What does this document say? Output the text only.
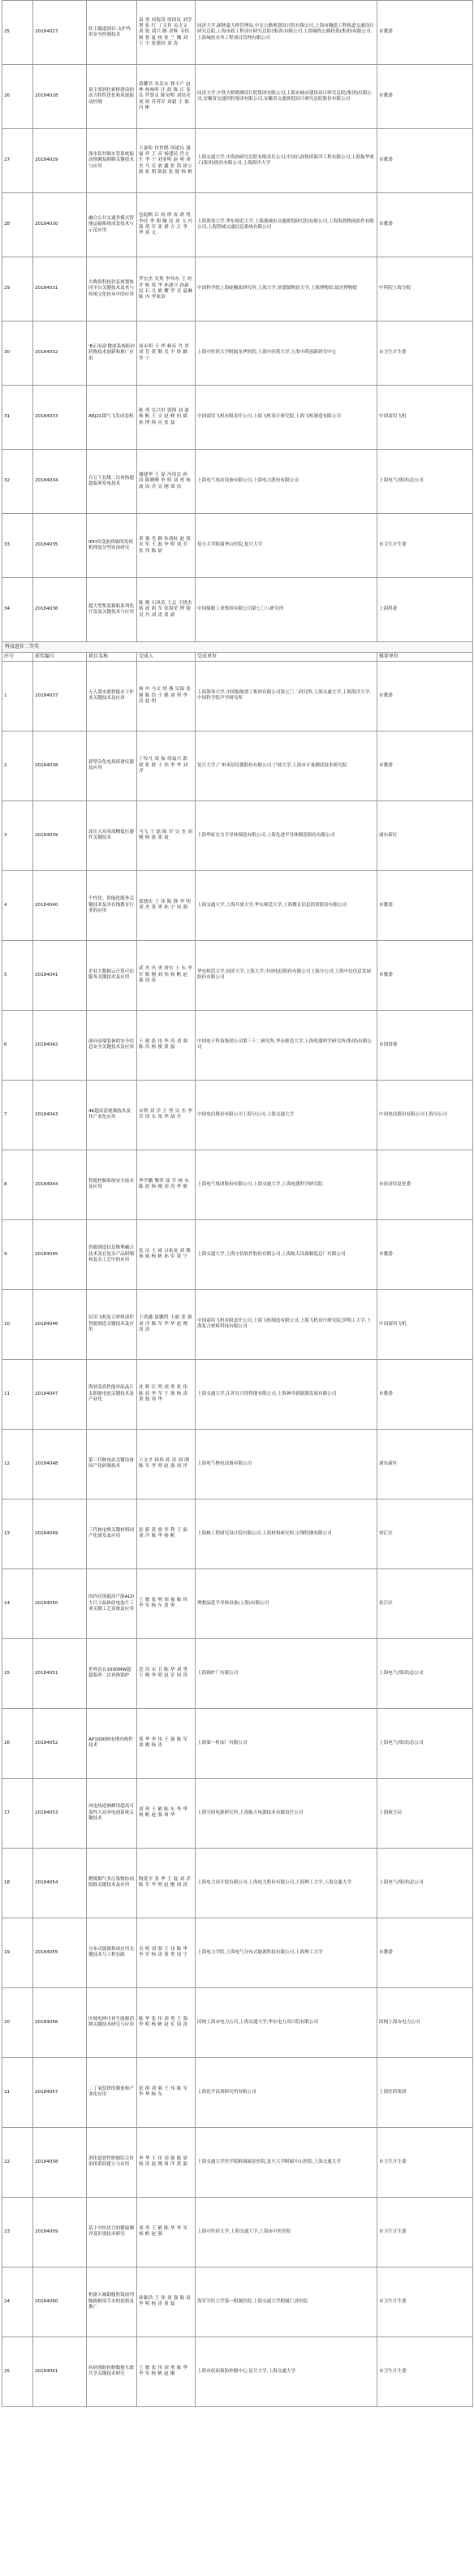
25	20184027	软土隧道围岩-支护作用安全控制技术	袁 勇 周海涛 徐国民 刘学增 张 红 丁文其 吴吉文 刘 锐 刘兴 路 余辉 韦伟 杨 鲁 夏 杨 张 兰 魏 刘 王 宇 张建国 刘 涛	同济大学,湖秋蔓大桥管理局,中交公路规划设计院有限公司,上海市隧道工程轨道交通设计研究总院,上海市政工程设计研究总院(集团)有限公司,上海城投公路投资(集团)有限公司,上海城投水务工程项目管理有限公司	市教委
26	20184028	双主梁斜拉索桥建设的动力特性优化和风致振动控制	葛耀君 朱乐东 曹丰产 赵 林 杨咏昕 汪 政 陈 江 张 弘 罗贤贞 陈昊明 刘洪亮 刘 颂 乔苏军 刘毅 王 源 冯 彬	同济大学,中铁大桥勘测设计院集团有限公司,上海市城市建设设计研究总院(集团)有限公司,安徽省交通控股集团有限公司,安徽省交通规划设计研究总院股份有限公司	市教委
27	20184029	深水钻井隔水管系统振动预测及抑制关键技术与应用	王嘉松 付世晓 周建良 盛磊 祥 王 彦 杨建民 肖文生 李 宁 刘亚明 赵 明 周 杰 马 亮 俞 鑫 张 海 徐立新 张 朝 陈晨 张 健 杨 帆	上海交通大学,中海油研究总院有限责任公司,中国石油集团海洋工程有限公司,上海振华重工(集团)股份有限公司,上海海洋大学	市教委
28	20184030	融合公共交通多模式智能运输系统成套技术与示范应用	包起帆 江 雨 廖 寅 俞 悦 李佳 李 翔 鲍 涛 刘 飞 冯 强 胡 军 张 群 方 正 李 华 黄 文	上海海事大学,华东师范大学,上海港城市交通规划研究院有限公司,上海海勃物流软件有限公司,上海智城交通信息系统有限公司	市教委
29	20184031	古陶瓷科技信息规划协同平台关键技术及其与传统文化传承中的应用	罗宏杰 吴隽 李伟东 王 婷 许 栋 郑 华 孙建兴 孙新民 石 凡 熊 樱 罗 亮 夏琳 陈 冉 李家治	中国科学院上海硅酸盐研究所,上海大学,景德镇陶瓷大学,上海博物馆,故宫博物院	中科院上海分院
30	20184032	'8正治南'微创系统防治药物技术创新和推广应用	周永明 王 华 杨乐 肖 晋 刘 芳 黄 勤 吴 平 徐 颖 罗 宁	上海中医药大学附属龙华医院,上海中医药大学,上海中药创新研究中心	市卫生计生委
31	20184033	ARJ21锚气飞发成套机	陈 勇 吴兴世 郭锋 刘 波 杨 帆 王 文 赵 峰 何 斌 孙 博 韩 亮 张 磊	中国商用飞机有限责任公司,上海飞机设计研究院,上海飞机制造有限公司	中国商用飞机
32	20184034	百万千瓦级二次再热超超临界发电技术	谢建华 王 磊 冯伟忠 孙 涛 陈晓峰 李 明 刘 勇 杨 波 周 洋 吴 刚 郑 浩	上海电气电站设备有限公司,上海电力股份有限公司	上海电气(集团)总公司
33	20184035	IDH突变胶质瘤的发病机理及分型诊治研究	黄 强 毛 颖 朱剑虹 赵 凯 宋 军 王 磊 李 明 刘 芳 张 伟 陈 晨	复旦大学附属华山医院,复旦大学	市卫生计生委
34	20184036	超大型集装箱船系列化开发及关键技术与应用	陈 刚 石凤英 王志 王晓杰 蒋 波 胡 军 张海荣 博 弛 吴 丹 刘 涛 黄 新	中国船舶工业集团有限公司第七〇八研究所	上海科委
科技进步二等奖					
序号	获奖编号	项目名称	完成人	完成单位	推荐单位
1	20184037	无人潜水器智能水下作业关键技术及应用	杨 申 马文 胡 燕 吴保 张 强 陈 浩 王 健 刘 勇 李 涛 赵 明	上海海事大学,中国船舶重工集团有限公司第七〇二研究所,上海交通大学,上海海洋大学,中国科学院声学研究所	市教委
2	20184038	新型杂化电场质谱仪器及应用	丁传凡 周 振 徐福兴 郭 斌 张 群 王 伟 李 华 刘 洋	复旦大学,广州禾信仪器股份有限公司,宁波大学,上海市计量测试技术研究院	市教委
3	20184039	高压大功率深槽低压器件关键技术	马飞 王 磊 陈 军 吴 杰 刘 刚 杨 波 张 震	上海华虹宏力半导体制造有限公司,上海先进半导体制造股份有限公司	浦东新区
4	20184040	个性化、智能化服务关键技术及其在线教育行业的应用	郑骁庆 王 伟 陈 静 李 明 刘 杰 黄 勇 孙 宁 周 强	上海交通大学,上海开放大学,华东师范大学,上海教育信息投资股份有限公司	市教委
5	20184041	企业大数据云计算可信服务关键技术及应用	武 杰 冯 勇 唐宏 王 东 李 军 陈 刚 刘 伟 杨 帆 赵 强 周 涛	华东师范大学,同济大学,上海大学,中国电信股份有限公司上海分公司,上海中信信息发展股份有限公司	市教委
6	20184042	面向高端装备的安全信息安全关键技术及应用	王 敏 张 伟 李 涛 刘 强 陈 浩 杨 俊 黄 磊	中国电子科技集团公司第三十二研究所,华东师范大学,上海电器科学研究所(集团)有限公司	市国资委
7	20184043	4K超高清视频技术及其产业化应用	宋利 刘 洋 王 坚 吴 杰 李 军 徐 东 郑 华 胡 丹	中国电信股份有限公司上海分公司,上海交通大学	中国电信股份有限公司上海分公司
8	20184044	智能控制系统安全技术及应用	华学鹏 黎荣 徐 军 杨 东 陈 晨 杨 刚 刘 涛 李 敏	上海电气集团股份有限公司,上海交通大学,上海电器科学研究院	市经济信息化委
9	20184045	智能制造信息物理融合技术及在复杂产品研制和复杂工艺中的应用	张 洁 王 琦 吕佑龙 刘 敏 秦 威 杨 帆 孙 军 黄 宁	上海交通大学,上海宝信软件股份有限公司,上海航天设备制造总厂有限公司	市教委
10	20184046	民用飞机复合材料部件智能制造关键技术及应用	王鸿鑫 夏鹏鸣 王毅 张 强 刘 洋 陈 军 李 华 赵 刚 周 涛	中国商用飞机有限责任公司,上海飞机制造有限公司,上海飞机设计研究院,伊明工大学,上海复合材料科技有限公司	中国商用飞机
11	20184047	海效基高性能单硅晶片太阳能电池关键技术及产业化	沈 辉 汪 明 刘 勇 张 伟 陈 晨 李 军 王 强 杨 涛 黄 磊 周 华	上海交通大学,江苏宜兴得得能有限公司,上海神舟新能源发展有限公司	市教委
12	20184048	第三代核电站关键设备国产化研制技术	王文才 韩伟 孙 涛 刘 刚 陈 军 李 明 赵 强 周 洋	上海电气核电设备有限公司	浦东新区
13	20184049	三代核电堆关键材料国产化研发及应用	张 新 黄 骁 李 利 王 磊 刘 洋 陈 华 杨 帆	上海核工程研究设计院有限公司,上海材料研究所,宝钢特钢有限公司	徐汇区
14	20184050	国内首创超高产能ALD大尺寸晶体硅电池片工业关键工艺设备及应用	王 敏 张 明 刘 强 陈 伟 李 军 杨 东 黄 勇	理想晶延半导体设备(上海)有限公司	松江区
15	20184051	世界首台1000MW超超临界二次再热锅炉	范 浩 宋 卫 陈 华 刘 勇 王 刚 李 明 赵 军 周 涛	上海锅炉厂有限公司	上海电气(集团)总公司
16	20184052	AP1000核电堆内构件技术	郑 华 李 伟 王 强 陈 军 刘 刚 杨 涛	上海第一机床厂有限公司	上海电气(集团)总公司
17	20184053	风电场逆调峰用超高可靠性大功率电池系统关键技术	刘 勇 王 敏 陈 东 李 华 杨 帆 赵 强 周 华	上海空间电源研究所,上海航天电源技术有限责任公司	上海航天局
18	20184054	燃煤烟气多污染物协同脱除关键技术及应用	陶爱平 张 华 王 磊 刘 洋 陈 军 李 明 赵 刚 周 涛	上海电力设计院有限公司,上海电力股份有限公司,上海理工大学,上海交通大学	上海电气(集团)总公司
19	20184055	分布式能源集成应用关键技术与工程实践	吴 明 刘 强 王 伟 陈 华 李 军 杨 涛 黄 勇 周 宁	上海电力学院,上海电气分布式能源科技有限公司,上海理工大学	市教委
20	20184056	区域电网可再生能源消纳关键技术研究与应用	陈 华 张 伟 刘 勇 王 强 李 明 杨 帆 赵 军 周 涛	国网上海市电力公司,上海交通大学,华东电力设计院有限公司	国网上海市电力公司
21	20184057	二丁氧钛铁的制备和产业化应用	张 群 刘 强 王 伟 陈 军 李 华 杨 东	上海化学试剂研究所有限公司	上海医药集团
22	20184058	消化道恶性肿瘤综合诊治体系的建立与应用	李 华 王 伟 刘 强 陈 晨 杨 涛 赵 刚 周 洋 黄 磊	上海交通大学医学院附属瑞金医院,复旦大学附属中山医院,上海交通大学	市卫生计生委
23	20184059	基于中医语言的健康测评及识别技术研究	刘 勇 王 敏 陈 华 李 军 杨 帆 赵 强	上海中医药大学,上海交通大学,上海市中医医院	市卫生计生委
24	20184060	机器人辅助腹腔镜前列腺癌根治手术的创新及推广	孙颖浩 王 伟 刘 强 陈 晨 李 明 杨 涛 黄 磊	海军军医大学第一附属医院,上海交通大学附属仁济医院	市卫生计生委
25	20184061	疾病预防控制数据互联共享关键技术研究	王 敏 张 伟 刘 勇 陈 华 李 军 杨 帆 赵 刚	上海市疾病预防控制中心,复旦大学,上海交通大学	市卫生计生委
